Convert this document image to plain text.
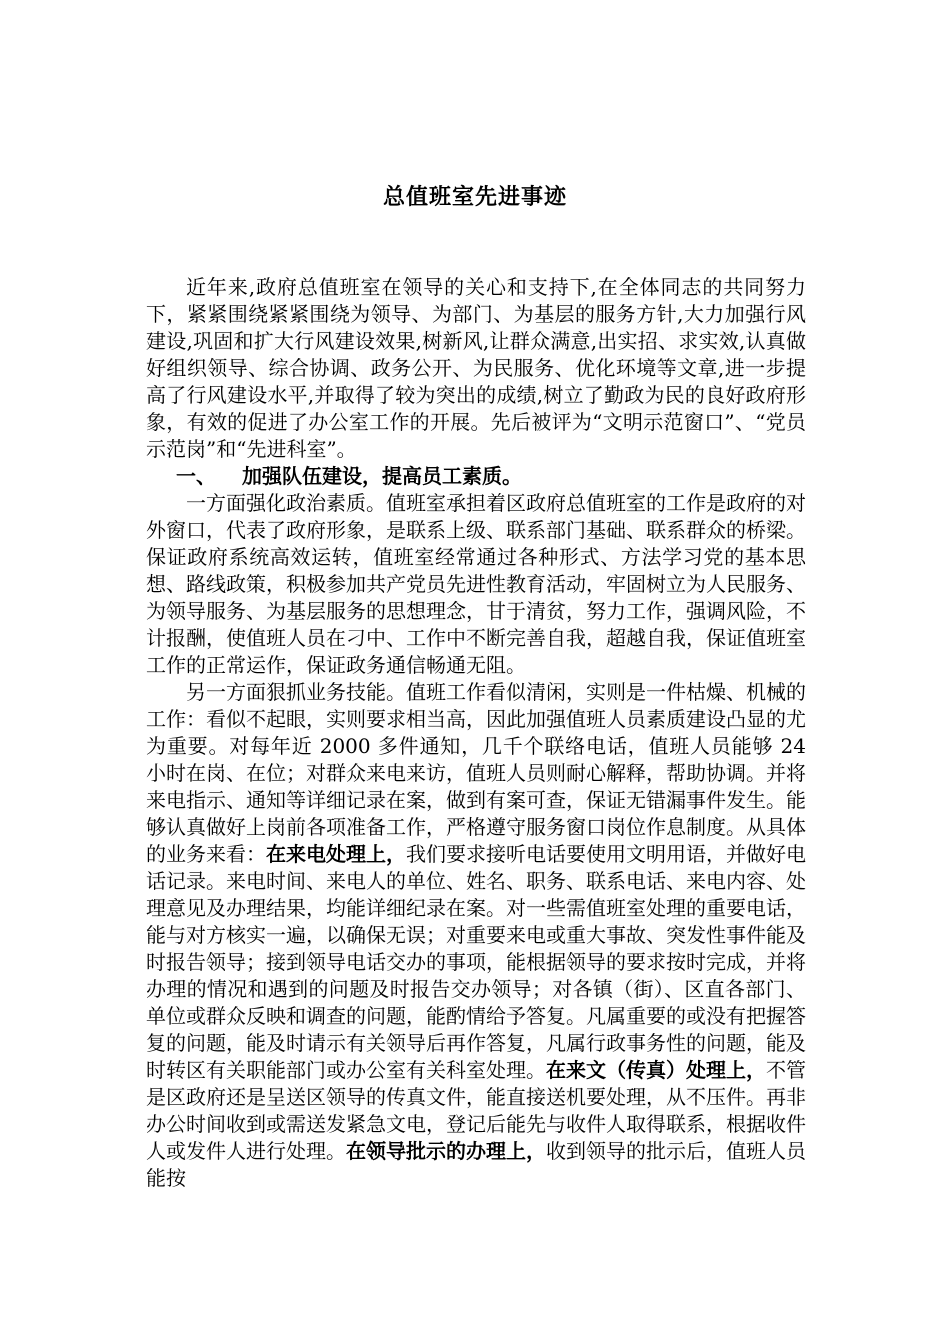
总值班室先进事迹

近年来,政府总值班室在领导的关心和支持下,在全体同志的共同努力下，紧紧围绕紧紧围绕为领导、为部门、为基层的服务方针,大力加强行风建设,巩固和扩大行风建设效果,树新风,让群众满意,出实招、求实效,认真做好组织领导、综合协调、政务公开、为民服务、优化环境等文章,进一步提高了行风建设水平,并取得了较为突出的成绩,树立了勤政为民的良好政府形象，有效的促进了办公室工作的开展。先后被评为“文明示范窗口”、“党员示范岗”和“先进科室”。

一、 加强队伍建设，提高员工素质。

一方面强化政治素质。值班室承担着区政府总值班室的工作是政府的对外窗口，代表了政府形象，是联系上级、联系部门基础、联系群众的桥梁。保证政府系统高效运转，值班室经常通过各种形式、方法学习党的基本思想、路线政策，积极参加共产党员先进性教育活动，牢固树立为人民服务、为领导服务、为基层服务的思想理念，甘于清贫，努力工作，强调风险，不计报酬，使值班人员在刁中、工作中不断完善自我，超越自我，保证值班室工作的正常运作，保证政务通信畅通无阻。

另一方面狠抓业务技能。值班工作看似清闲，实则是一件枯燥、机械的工作：看似不起眼，实则要求相当高，因此加强值班人员素质建设凸显的尤为重要。对每年近 2000 多件通知，几千个联络电话，值班人员能够 24 小时在岗、在位；对群众来电来访，值班人员则耐心解释，帮助协调。并将来电指示、通知等详细记录在案，做到有案可查，保证无错漏事件发生。能够认真做好上岗前各项准备工作，严格遵守服务窗口岗位作息制度。从具体的业务来看：在来电处理上，我们要求接听电话要使用文明用语，并做好电话记录。来电时间、来电人的单位、姓名、职务、联系电话、来电内容、处理意见及办理结果，均能详细纪录在案。对一些需值班室处理的重要电话，能与对方核实一遍，以确保无误；对重要来电或重大事故、突发性事件能及时报告领导；接到领导电话交办的事项，能根据领导的要求按时完成，并将办理的情况和遇到的问题及时报告交办领导；对各镇（街）、区直各部门、单位或群众反映和调查的问题，能酌情给予答复。凡属重要的或没有把握答复的问题，能及时请示有关领导后再作答复，凡属行政事务性的问题，能及时转区有关职能部门或办公室有关科室处理。在来文（传真）处理上，不管是区政府还是呈送区领导的传真文件，能直接送机要处理，从不压件。再非办公时间收到或需送发紧急文电，登记后能先与收件人取得联系，根据收件人或发件人进行处理。在领导批示的办理上，收到领导的批示后，值班人员能按
